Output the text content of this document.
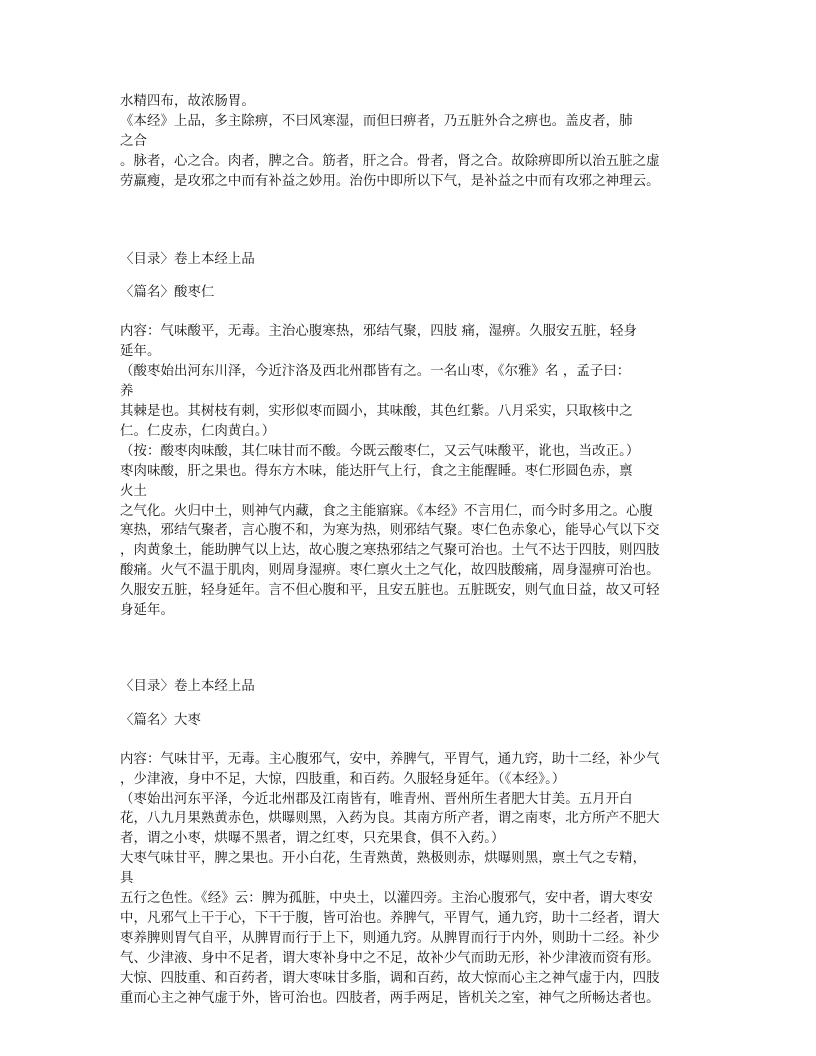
水精四布，故浓肠胃。
《本经》上品，多主除痹，不曰风寒湿，而但曰痹者，乃五脏外合之痹也。盖皮者，肺
之合
。脉者，心之合。肉者，脾之合。筋者，肝之合。骨者，肾之合。故除痹即所以治五脏之虚
劳羸瘦，是攻邪之中而有补益之妙用。治伤中即所以下气，是补益之中而有攻邪之神理云。
〈目录〉卷上本经上品
〈篇名〉酸枣仁
内容：气味酸平，无毒。主治心腹寒热，邪结气聚，四肢 痛，湿痹。久服安五脏，轻身
延年。
（酸枣始出河东川泽，今近汴洛及西北州郡皆有之。一名山枣，《尔雅》名 ，孟子曰：
养
其棘是也。其树枝有刺，实形似枣而圆小，其味酸，其色红紫。八月采实，只取核中之
仁。仁皮赤，仁肉黄白。）
（按：酸枣肉味酸，其仁味甘而不酸。今既云酸枣仁，又云气味酸平，讹也，当改正。）
枣肉味酸，肝之果也。得东方木味，能达肝气上行，食之主能醒睡。枣仁形圆色赤，禀
火土
之气化。火归中土，则神气内藏，食之主能寤寐。《本经》不言用仁，而今时多用之。心腹
寒热，邪结气聚者，言心腹不和，为寒为热，则邪结气聚。枣仁色赤象心，能导心气以下交
，肉黄象土，能助脾气以上达，故心腹之寒热邪结之气聚可治也。土气不达于四肢，则四肢
酸痛。火气不温于肌肉，则周身湿痹。枣仁禀火土之气化，故四肢酸痛，周身湿痹可治也。
久服安五脏，轻身延年。言不但心腹和平，且安五脏也。五脏既安，则气血日益，故又可轻
身延年。
〈目录〉卷上本经上品
〈篇名〉大枣
内容：气味甘平，无毒。主心腹邪气，安中，养脾气，平胃气，通九窍，助十二经，补少气
，少津液，身中不足，大惊，四肢重，和百药。久服轻身延年。（《本经》。）
（枣始出河东平泽，今近北州郡及江南皆有，唯青州、晋州所生者肥大甘美。五月开白
花，八九月果熟黄赤色，烘曝则黑，入药为良。其南方所产者，谓之南枣，北方所产不肥大
者，谓之小枣，烘曝不黑者，谓之红枣，只充果食，俱不入药。）
大枣气味甘平，脾之果也。开小白花，生青熟黄，熟极则赤，烘曝则黑，禀土气之专精，
具
五行之色性。《经》云：脾为孤脏，中央土，以灌四旁。主治心腹邪气，安中者，谓大枣安
中，凡邪气上干于心，下干于腹，皆可治也。养脾气，平胃气，通九窍，助十二经者，谓大
枣养脾则胃气自平，从脾胃而行于上下，则通九窍。从脾胃而行于内外，则助十二经。补少
气、少津液、身中不足者，谓大枣补身中之不足，故补少气而助无形，补少津液而资有形。
大惊、四肢重、和百药者，谓大枣味甘多脂，调和百药，故大惊而心主之神气虚于内，四肢
重而心主之神气虚于外，皆可治也。四肢者，两手两足，皆机关之室，神气之所畅达者也。
